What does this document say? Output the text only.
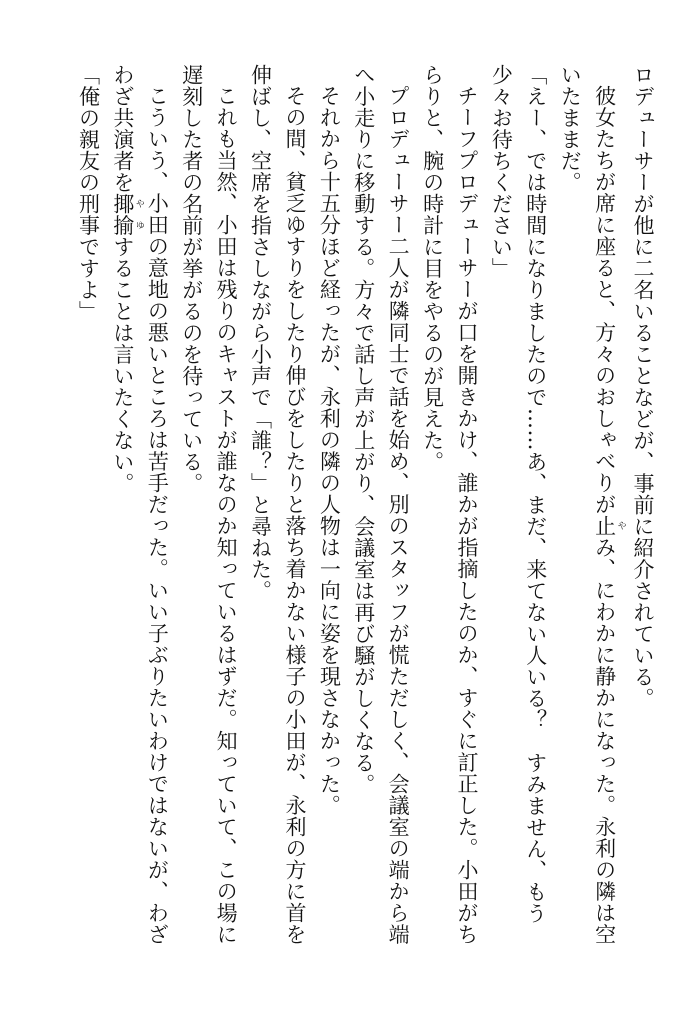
ロデューサーが他に二名いることなどが、事前に紹介されている。

彼女たちが席に座ると、方々のおしゃべりが止 やみ、にわかに静かになった。永利の隣は空いたままだ。

「えー、では時間になりましたので……あ、まだ、来てない人いる？　すみません、もう少々お待ちください」

チーフプロデューサーが口を開きかけ、誰かが指摘したのか、すぐに訂正した。小田がちらりと、腕の時計に目をやるのが見えた。

プロデューサー二人が隣同士で話を始め、別のスタッフが慌ただしく、会議室の端から端へ小走りに移動する。方々で話し声が上がり、会議室は再び騒がしくなる。

それから十五分ほど経ったが、永利の隣の人物は一向に姿を現さなかった。

その間、貧乏ゆすりをしたり伸びをしたりと落ち着かない様子の小田が、永利の方に首を伸ばし、空席を指さしながら小声で「誰？」と尋ねた。

これも当然、小田は残りのキャストが誰なのか知っているはずだ。知っていて、この場に遅刻した者の名前が挙がるのを待っている。

こういう、小田の意地の悪いところは苦手だった。いい子ぶりたいわけではないが、わざわざ共演者を揶揄 やゆすることは言いたくない。

「俺の親友の刑事ですよ」
